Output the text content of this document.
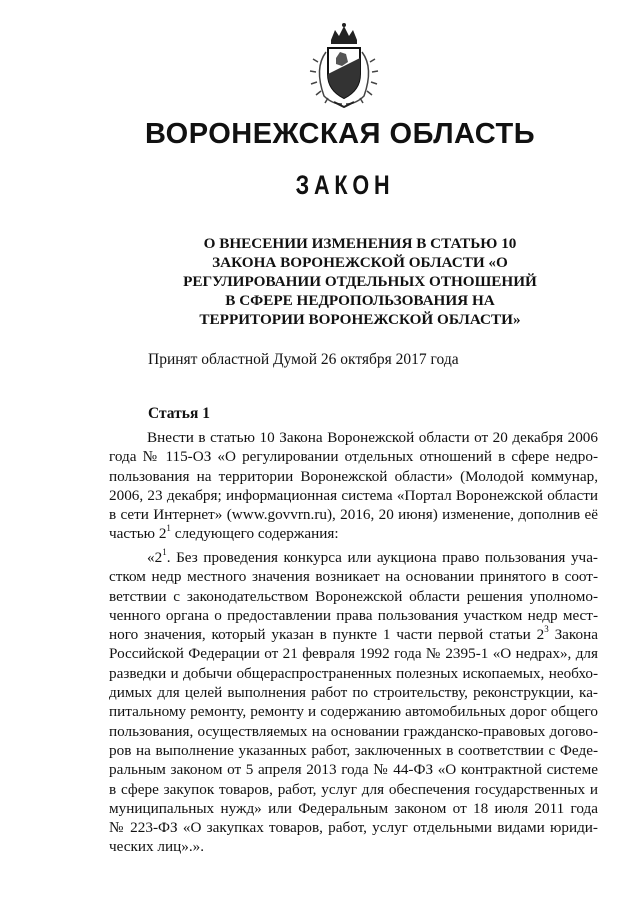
ВОРОНЕЖСКАЯ ОБЛАСТЬ
ЗАКОН
О ВНЕСЕНИИ ИЗМЕНЕНИЯ В СТАТЬЮ 10
ЗАКОНА ВОРОНЕЖСКОЙ ОБЛАСТИ «О
РЕГУЛИРОВАНИИ ОТДЕЛЬНЫХ ОТНОШЕНИЙ
В СФЕРЕ НЕДРОПОЛЬЗОВАНИЯ НА
ТЕРРИТОРИИ ВОРОНЕЖСКОЙ ОБЛАСТИ»
Принят областной Думой 26 октября 2017 года
Статья 1
Внести в статью 10 Закона Воронежской области от 20 декабря 2006
года № 115-ОЗ «О регулировании отдельных отношений в сфере недро-
пользования на территории Воронежской области» (Молодой коммунар,
2006, 23 декабря; информационная система «Портал Воронежской области
в сети Интернет» (www.govvrn.ru), 2016, 20 июня) изменение, дополнив её
частью $2^1$ следующего содержания:
«$2^1$. Без проведения конкурса или аукциона право пользования уча-
стком недр местного значения возникает на основании принятого в соот-
ветствии с законодательством Воронежской области решения уполномо-
ченного органа о предоставлении права пользования участком недр мест-
ного значения, который указан в пункте 1 части первой статьи $2^3$ Закона
Российской Федерации от 21 февраля 1992 года № 2395-1 «О недрах», для
разведки и добычи общераспространенных полезных ископаемых, необхо-
димых для целей выполнения работ по строительству, реконструкции, ка-
питальному ремонту, ремонту и содержанию автомобильных дорог общего
пользования, осуществляемых на основании гражданско-правовых догово-
ров на выполнение указанных работ, заключенных в соответствии с Феде-
ральным законом от 5 апреля 2013 года № 44-ФЗ «О контрактной системе
в сфере закупок товаров, работ, услуг для обеспечения государственных и
муниципальных нужд» или Федеральным законом от 18 июля 2011 года
№ 223-ФЗ «О закупках товаров, работ, услуг отдельными видами юриди-
ческих лиц».».
